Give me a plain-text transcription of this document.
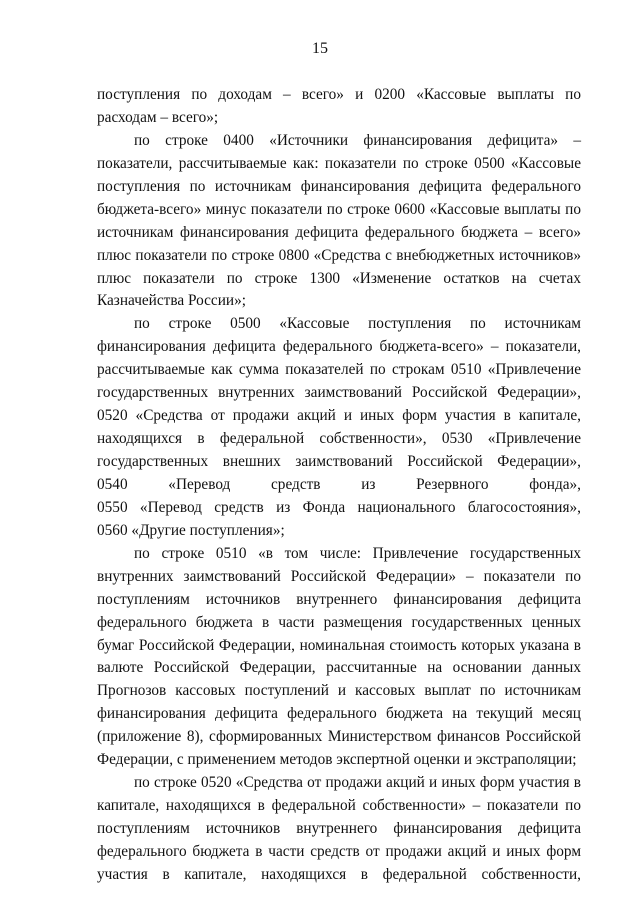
15
поступления по доходам – всего» и 0200 «Кассовые выплаты по
расходам – всего»;
по строке 0400 «Источники финансирования дефицита» –
показатели, рассчитываемые как: показатели по строке 0500 «Кассовые
поступления по источникам финансирования дефицита федерального
бюджета-всего» минус показатели по строке 0600 «Кассовые выплаты по
источникам финансирования дефицита федерального бюджета – всего»
плюс показатели по строке 0800 «Средства с внебюджетных источников»
плюс показатели по строке 1300 «Изменение остатков на счетах
Казначейства России»;
по строке 0500 «Кассовые поступления по источникам
финансирования дефицита федерального бюджета-всего» – показатели,
рассчитываемые как сумма показателей по строкам 0510 «Привлечение
государственных внутренних заимствований Российской Федерации»,
0520 «Средства от продажи акций и иных форм участия в капитале,
находящихся в федеральной собственности», 0530 «Привлечение
государственных внешних заимствований Российской Федерации»,
0540 «Перевод средств из Резервного фонда»,
0550 «Перевод средств из Фонда национального благосостояния»,
0560 «Другие поступления»;
по строке 0510 «в том числе: Привлечение государственных
внутренних заимствований Российской Федерации» – показатели по
поступлениям источников внутреннего финансирования дефицита
федерального бюджета в части размещения государственных ценных
бумаг Российской Федерации, номинальная стоимость которых указана в
валюте Российской Федерации, рассчитанные на основании данных
Прогнозов кассовых поступлений и кассовых выплат по источникам
финансирования дефицита федерального бюджета на текущий месяц
(приложение 8), сформированных Министерством финансов Российской
Федерации, с применением методов экспертной оценки и экстраполяции;
по строке 0520 «Средства от продажи акций и иных форм участия в
капитале, находящихся в федеральной собственности» – показатели по
поступлениям источников внутреннего финансирования дефицита
федерального бюджета в части средств от продажи акций и иных форм
участия в капитале, находящихся в федеральной собственности,
